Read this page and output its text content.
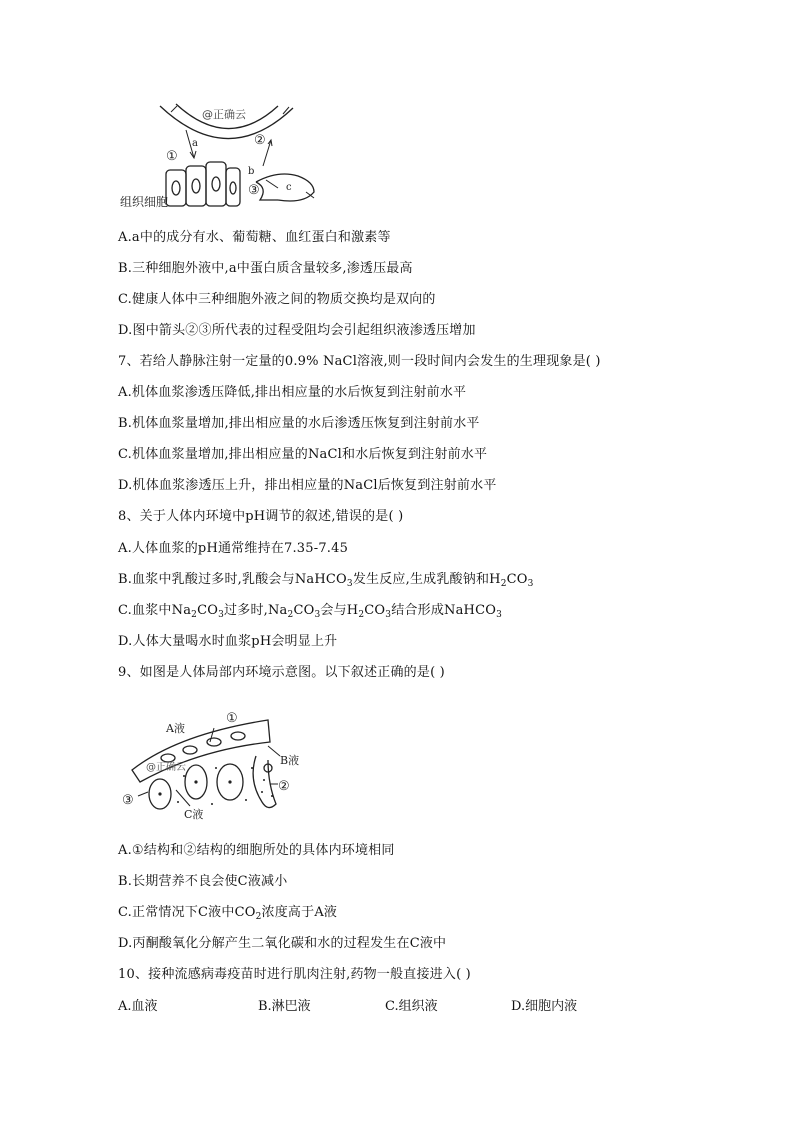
@正确云
a
b
c
①
②
③
组织细胞
A.a中的成分有水、葡萄糖、血红蛋白和激素等
B.三种细胞外液中,a中蛋白质含量较多,渗透压最高
C.健康人体中三种细胞外液之间的物质交换均是双向的
D.图中箭头②③所代表的过程受阻均会引起组织液渗透压增加
7、若给人静脉注射一定量的0.9% NaCl溶液,则一段时间内会发生的生理现象是( )
A.机体血浆渗透压降低,排出相应量的水后恢复到注射前水平
B.机体血浆量增加,排出相应量的水后渗透压恢复到注射前水平
C.机体血浆量增加,排出相应量的NaCl和水后恢复到注射前水平
D.机体血浆渗透压上升，排出相应量的NaCl后恢复到注射前水平
8、关于人体内环境中pH调节的叙述,错误的是( )
A.人体血浆的pH通常维持在7.35-7.45
B.血浆中乳酸过多时,乳酸会与NaHCO$_3$发生反应,生成乳酸钠和$H_2CO_3$
C.血浆中$Na_2CO_3$过多时$,Na_2CO_3$会与$H_2CO_3$结合形成NaHCO$_3$
D.人体大量喝水时血浆pH会明显上升
9、如图是人体局部内环境示意图。以下叙述正确的是( )
A液
B液
C液
①
②
③
@正确云
A.①结构和②结构的细胞所处的具体内环境相同
B.长期营养不良会使C液减小
C.正常情况下C液中$CO_2$浓度高于A液
D.丙酮酸氧化分解产生二氧化碳和水的过程发生在C液中
10、接种流感病毒疫苗时进行肌肉注射,药物一般直接进入( )
A.血液	B.淋巴液	C.组织液	D.细胞内液
